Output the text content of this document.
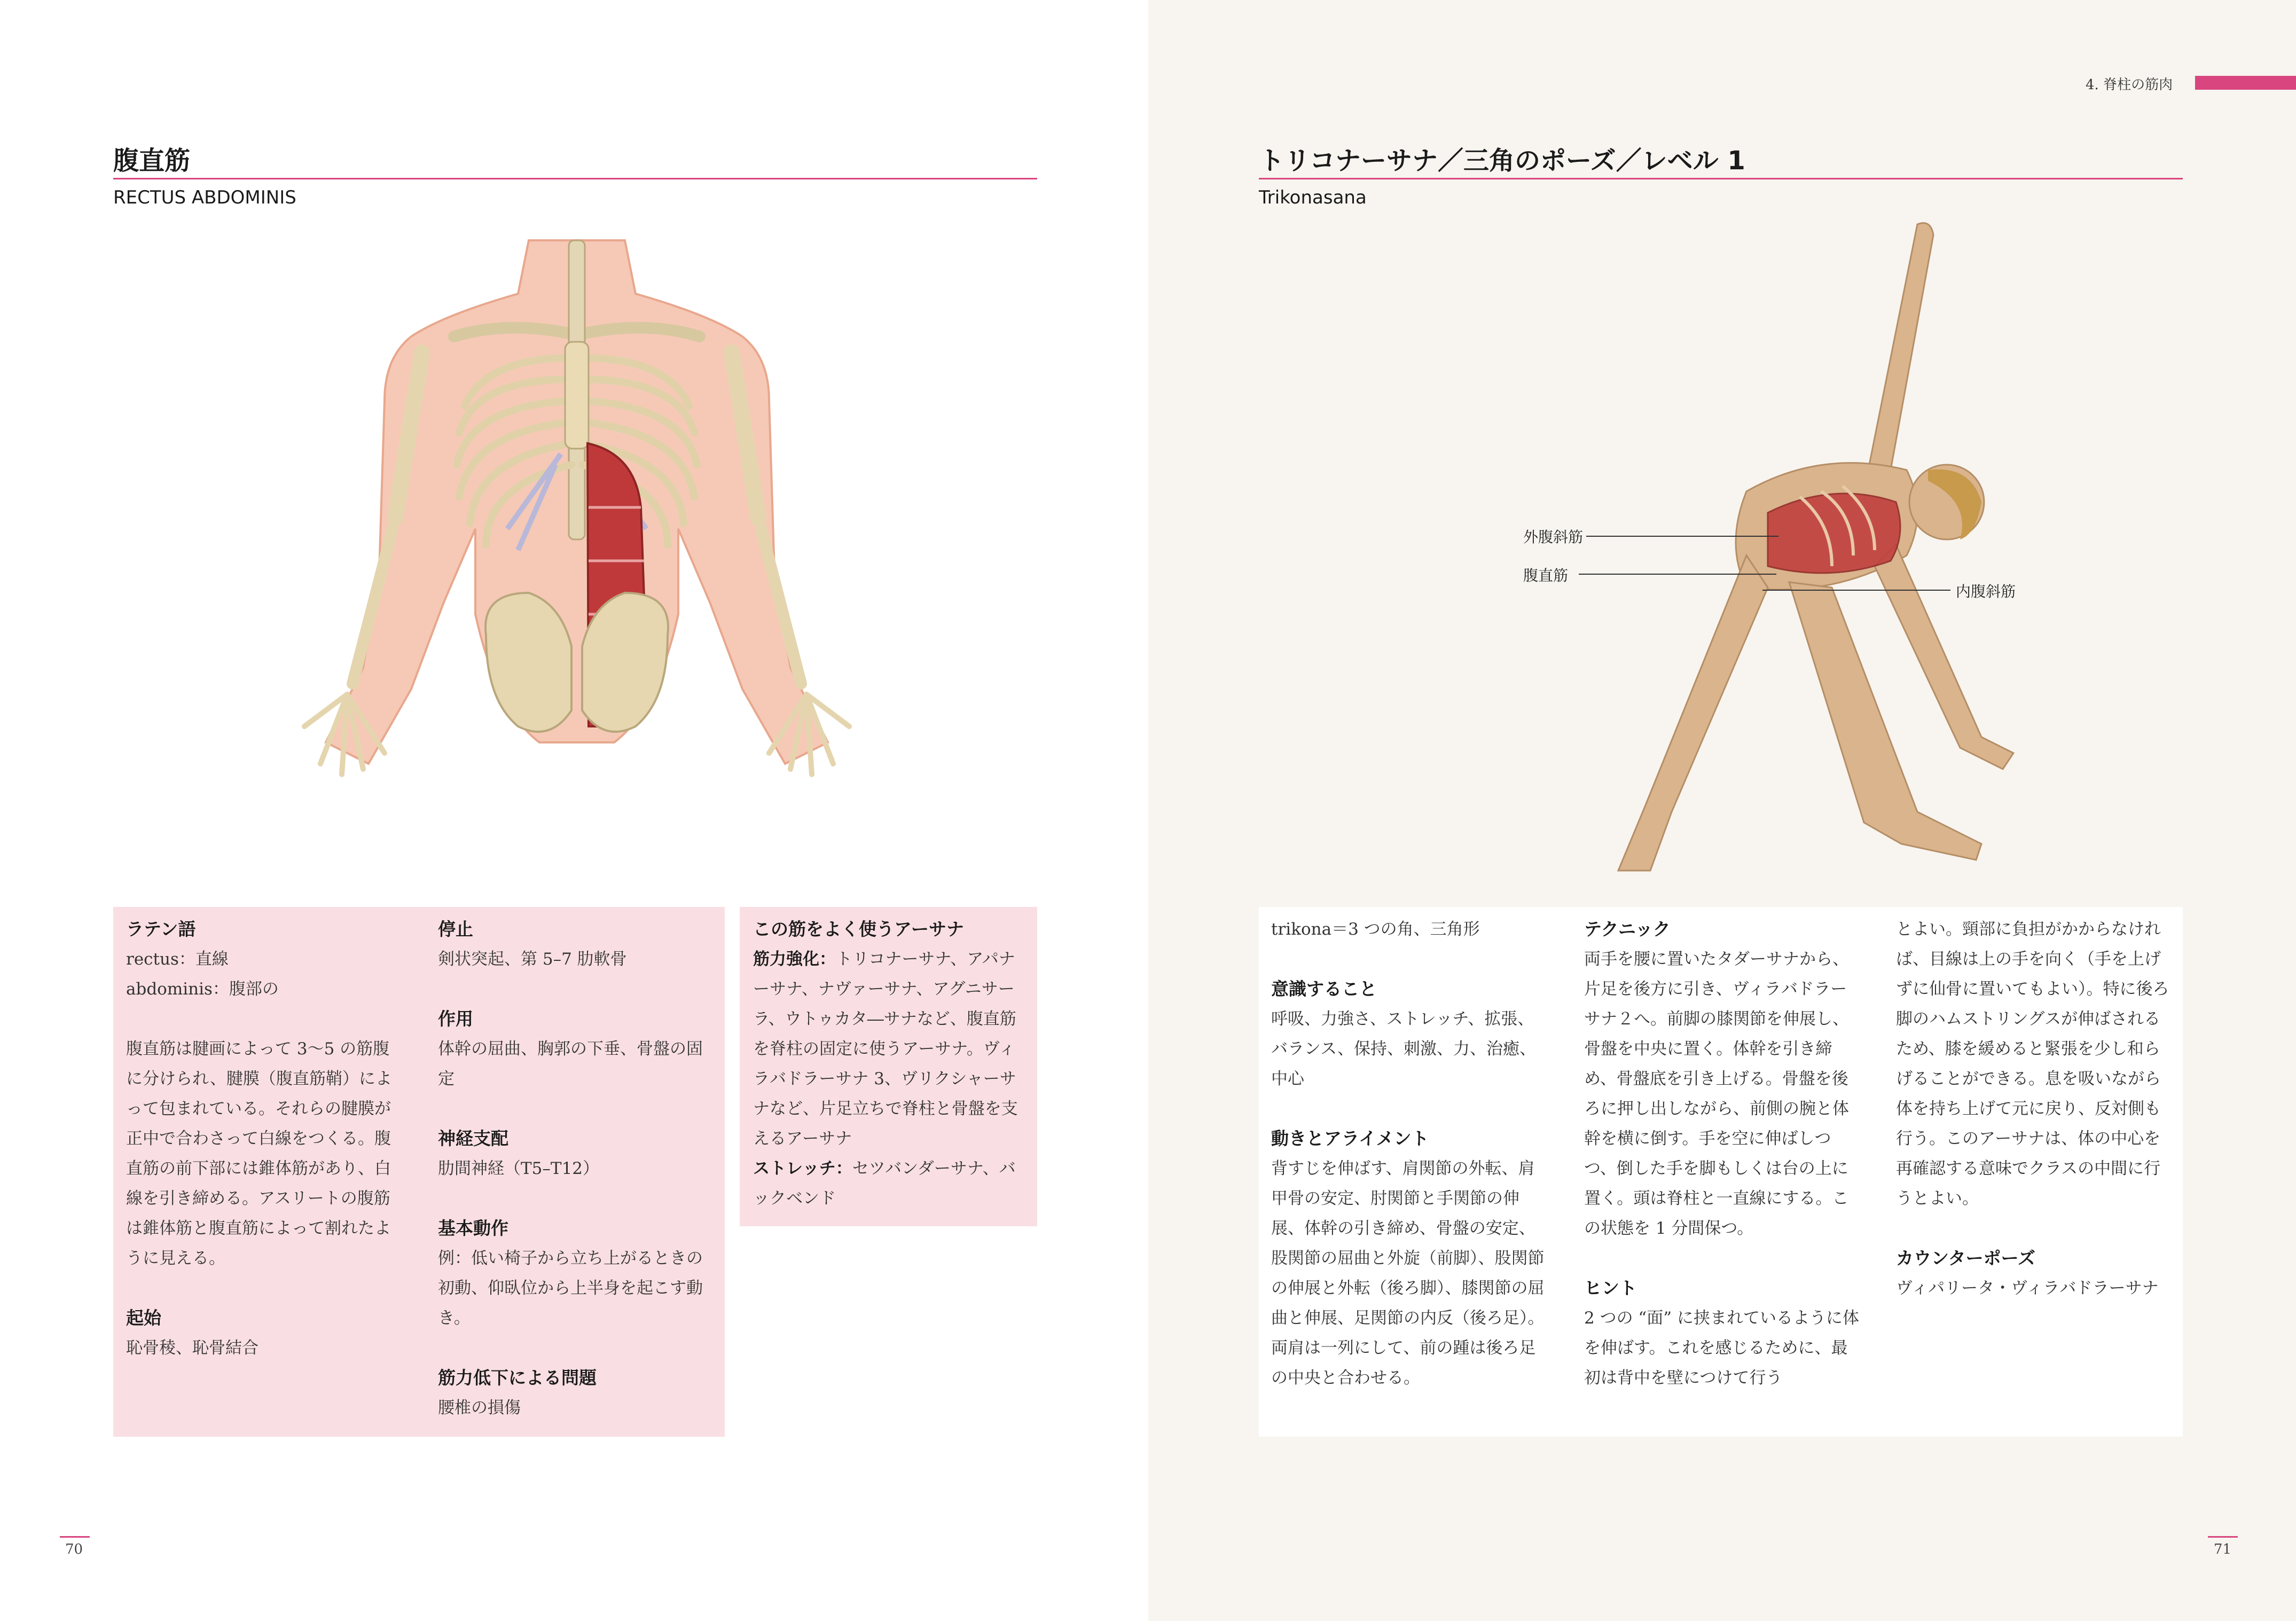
腹直筋
RECTUS ABDOMINIS
ラテン語

rectus：直線

abdominis：腹部の

腹直筋は腱画によって 3〜5 の筋腹に分けられ、腱膜（腹直筋鞘）によって包まれている。それらの腱膜が正中で合わさって白線をつくる。腹直筋の前下部には錐体筋があり、白線を引き締める。アスリートの腹筋は錐体筋と腹直筋によって割れたように見える。

起始

恥骨稜、恥骨結合

停止

剣状突起、第 5–7 肋軟骨

作用

体幹の屈曲、胸郭の下垂、骨盤の固定

神経支配

肋間神経（T5–T12）

基本動作

例：低い椅子から立ち上がるときの初動、仰臥位から上半身を起こす動き。

筋力低下による問題

腰椎の損傷

この筋をよく使うアーサナ

筋力強化：トリコナーサナ、アパナーサナ、ナヴァーサナ、アグニサーラ、ウトゥカタ―サナなど、腹直筋を脊柱の固定に使うアーサナ。ヴィラバドラーサナ 3、ヴリクシャーサナなど、片足立ちで脊柱と骨盤を支えるアーサナ

ストレッチ：セツバンダーサナ、バックベンド

70
4. 脊柱の筋肉
トリコナーサナ／三角のポーズ／レベル 1
Trikonasana
外腹斜筋
腹直筋
内腹斜筋

trikona＝3 つの角、三角形

意識すること

呼吸、力強さ、ストレッチ、拡張、バランス、保持、刺激、力、治癒、中心

動きとアライメント

背すじを伸ばす、肩関節の外転、肩甲骨の安定、肘関節と手関節の伸展、体幹の引き締め、骨盤の安定、股関節の屈曲と外旋（前脚）、股関節の伸展と外転（後ろ脚）、膝関節の屈曲と伸展、足関節の内反（後ろ足）。両肩は一列にして、前の踵は後ろ足の中央と合わせる。

テクニック

両手を腰に置いたタダーサナから、片足を後方に引き、ヴィラバドラーサナ２へ。前脚の膝関節を伸展し、骨盤を中央に置く。体幹を引き締め、骨盤底を引き上げる。骨盤を後ろに押し出しながら、前側の腕と体幹を横に倒す。手を空に伸ばしつつ、倒した手を脚もしくは台の上に置く。頭は脊柱と一直線にする。この状態を 1 分間保つ。

ヒント

2 つの “面” に挟まれているように体を伸ばす。これを感じるために、最初は背中を壁につけて行う

とよい。頸部に負担がかからなければ、目線は上の手を向く（手を上げずに仙骨に置いてもよい）。特に後ろ脚のハムストリングスが伸ばされるため、膝を緩めると緊張を少し和らげることができる。息を吸いながら体を持ち上げて元に戻り、反対側も行う。このアーサナは、体の中心を再確認する意味でクラスの中間に行うとよい。

カウンターポーズ

ヴィパリータ・ヴィラバドラーサナ

71
